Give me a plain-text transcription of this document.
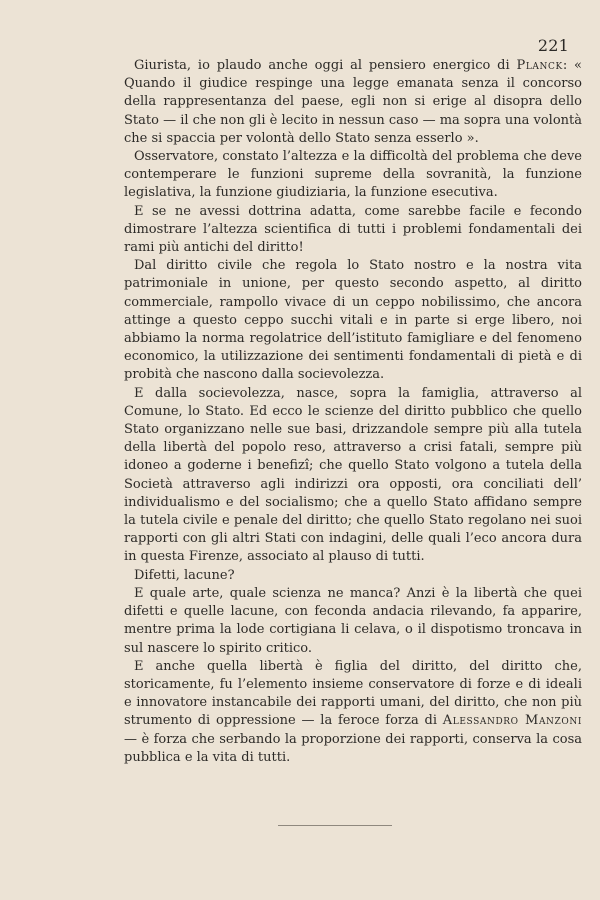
221

Giurista, io plaudo anche oggi al pensiero energico di Planck: « Quando il giudice respinge una legge emanata senza il concorso della rappresentanza del paese, egli non si erige al disopra dello Stato — il che non gli è lecito in nessun caso — ma sopra una volontà che si spaccia per volontà dello Stato senza esserlo ».

Osservatore, constato l’altezza e la difficoltà del problema che deve contemperare le funzioni supreme della sovranità, la funzione legislativa, la funzione giudiziaria, la funzione esecutiva.

E se ne avessi dottrina adatta, come sarebbe facile e fecondo dimostrare l’altezza scientifica di tutti i problemi fondamentali dei rami più antichi del diritto!

Dal diritto civile che regola lo Stato nostro e la nostra vita patrimoniale in unione, per questo secondo aspetto, al diritto commerciale, rampollo vivace di un ceppo nobilissimo, che ancora attinge a questo ceppo succhi vitali e in parte si erge libero, noi abbiamo la norma regolatrice dell’istituto famigliare e del fenomeno economico, la utilizzazione dei sentimenti fondamentali di pietà e di probità che nascono dalla socievolezza.

E dalla socievolezza, nasce, sopra la famiglia, attraverso al Comune, lo Stato. Ed ecco le scienze del diritto pubblico che quello Stato organizzano nelle sue basi, drizzandole sempre più alla tutela della libertà del popolo reso, attraverso a crisi fatali, sempre più idoneo a goderne i benefizî; che quello Stato volgono a tutela della Società attraverso agli indirizzi ora opposti, ora conciliati dell’ individualismo e del socialismo; che a quello Stato affidano sempre la tutela civile e penale del diritto; che quello Stato regolano nei suoi rapporti con gli altri Stati con indagini, delle quali l’eco ancora dura in questa Firenze, associato al plauso di tutti.

Difetti, lacune?

E quale arte, quale scienza ne manca? Anzi è la libertà che quei difetti e quelle lacune, con feconda andacia rilevando, fa apparire, mentre prima la lode cortigiana li celava, o il dispotismo troncava in sul nascere lo spirito critico.

E anche quella libertà è figlia del diritto, del diritto che, storicamente, fu l’elemento insieme conservatore di forze e di ideali e innovatore instancabile dei rapporti umani, del diritto, che non più strumento di oppressione — la feroce forza di Alessandro Manzoni — è forza che serbando la proporzione dei rapporti, conserva la cosa pubblica e la vita di tutti.
